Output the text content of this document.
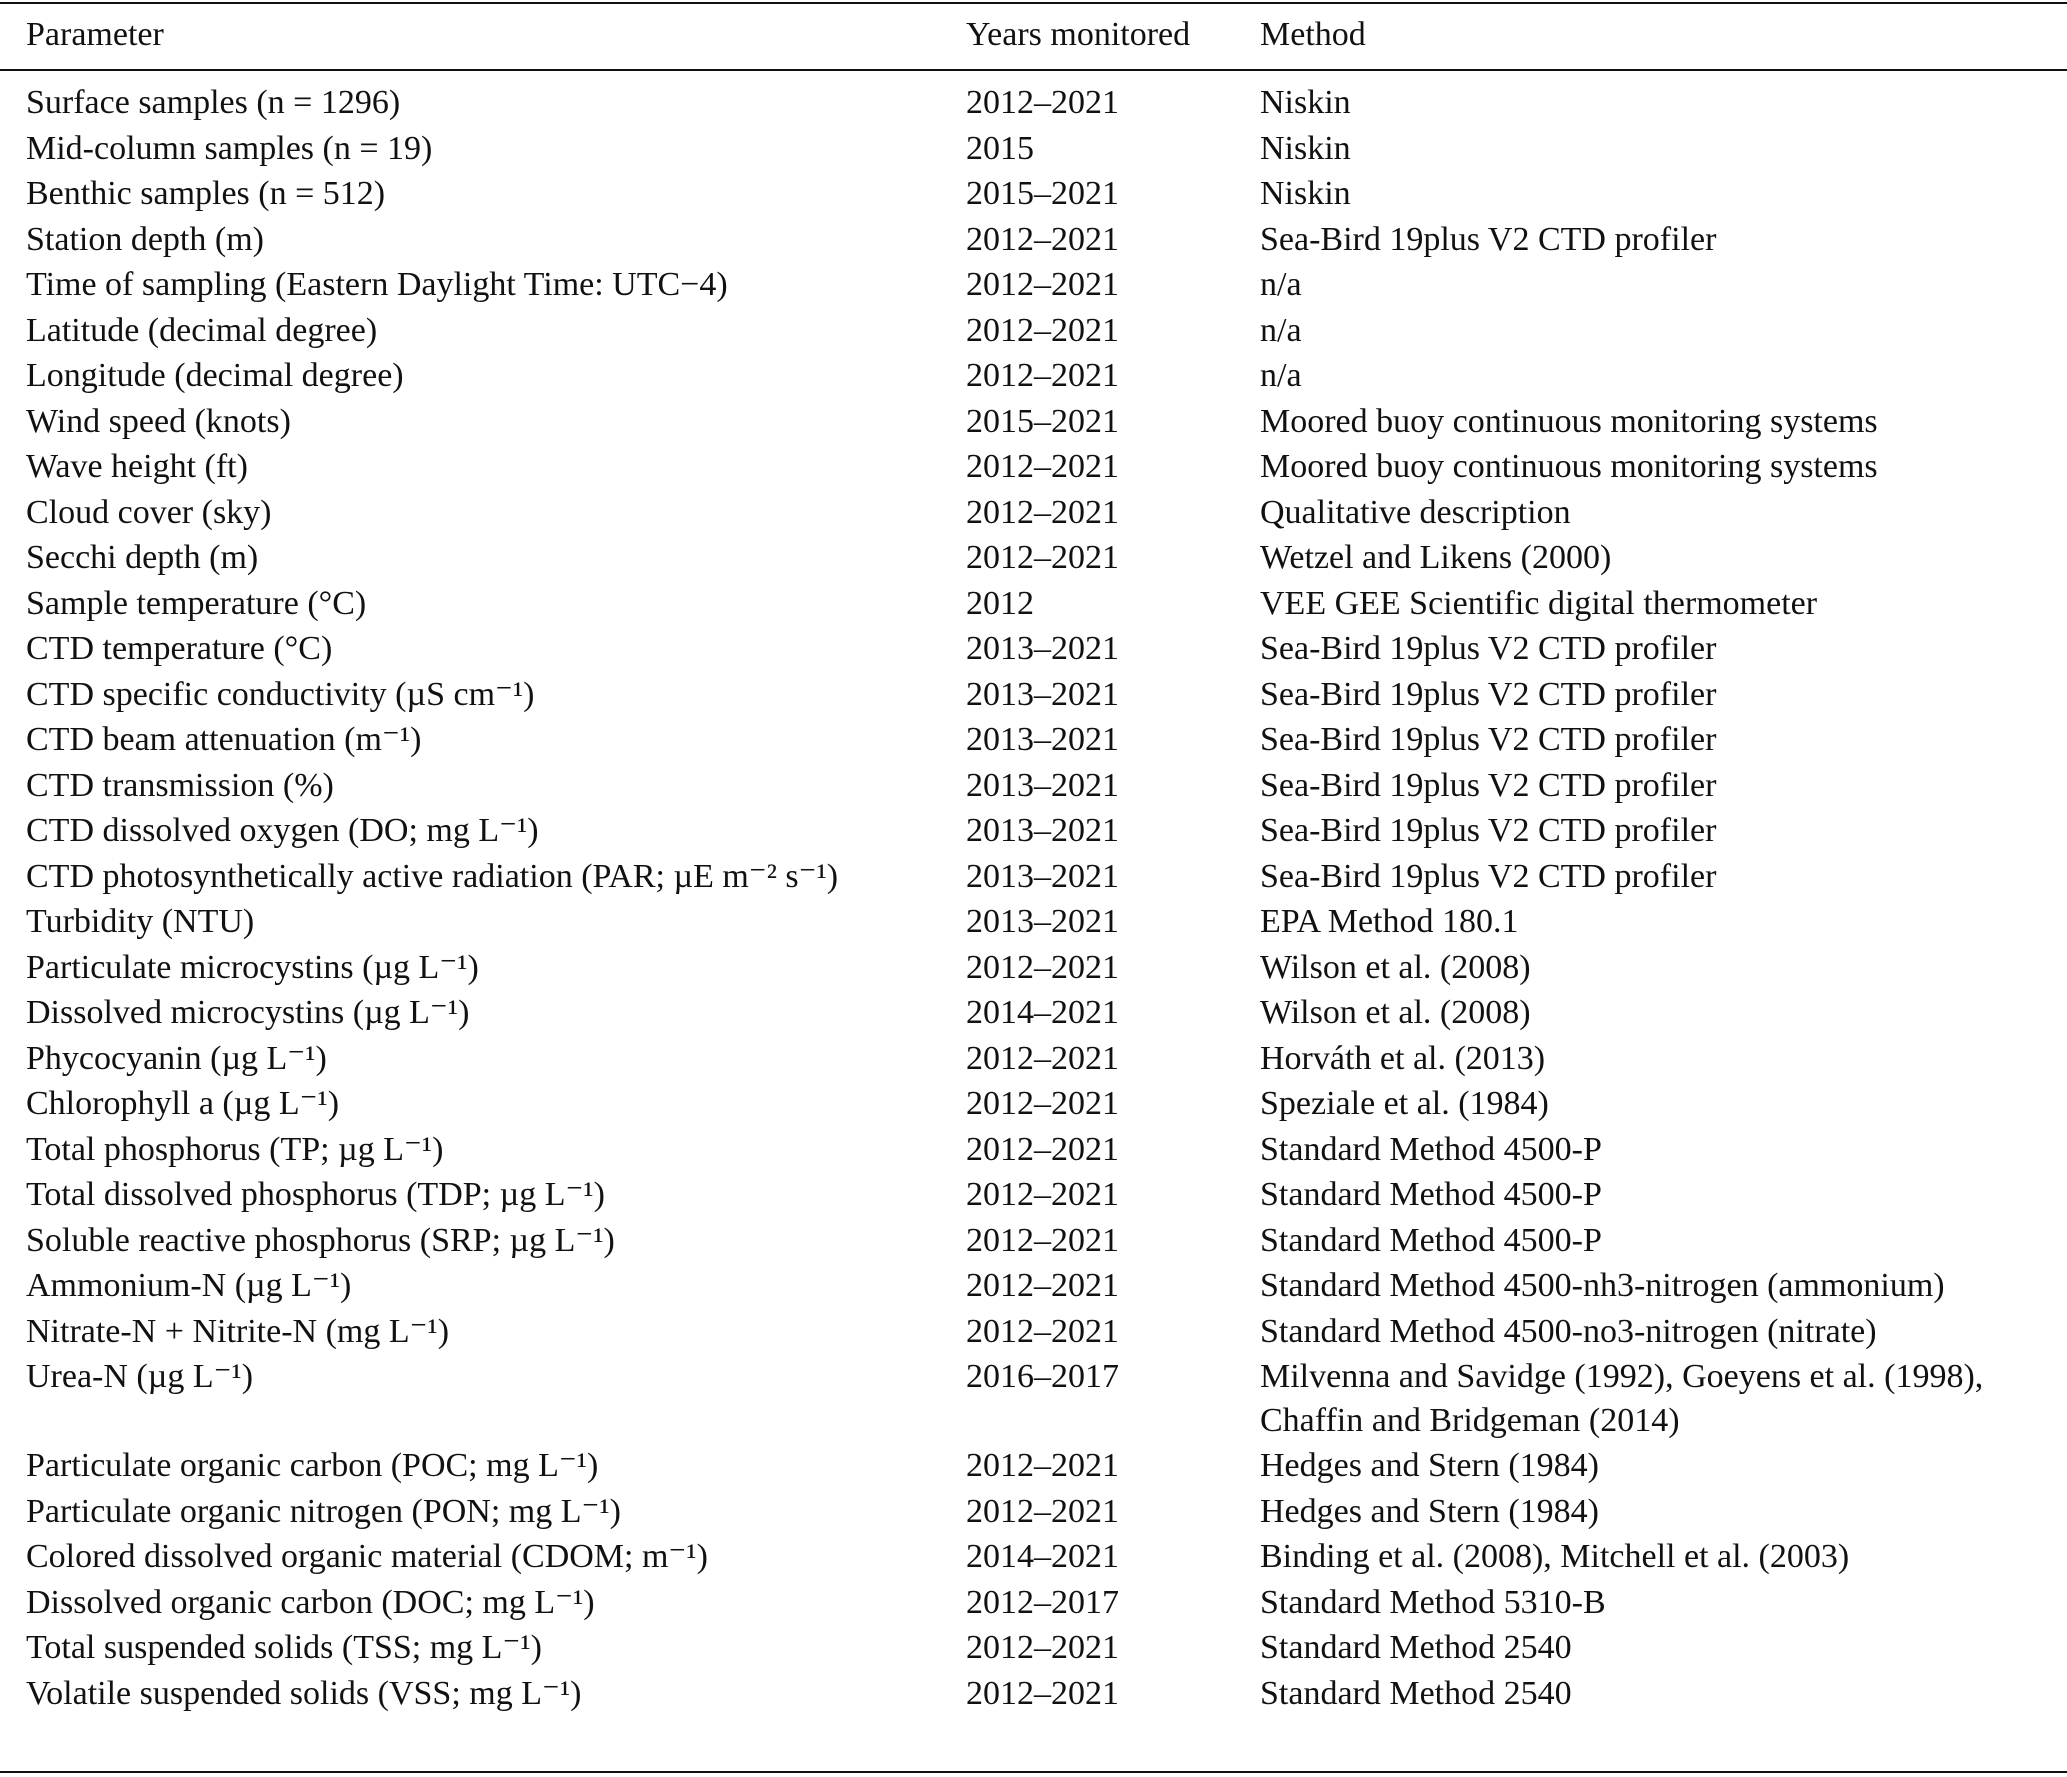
Parameter	Years monitored	Method

Surface samples (n = 1296)	2012–2021	Niskin

Mid-column samples (n = 19)	2015	Niskin

Benthic samples (n = 512)	2015–2021	Niskin

Station depth (m)	2012–2021	Sea-Bird 19plus V2 CTD profiler

Time of sampling (Eastern Daylight Time: UTC−4)	2012–2021	n/a

Latitude (decimal degree)	2012–2021	n/a

Longitude (decimal degree)	2012–2021	n/a

Wind speed (knots)	2015–2021	Moored buoy continuous monitoring systems

Wave height (ft)	2012–2021	Moored buoy continuous monitoring systems

Cloud cover (sky)	2012–2021	Qualitative description

Secchi depth (m)	2012–2021	Wetzel and Likens (2000)

Sample temperature (°C)	2012	VEE GEE Scientific digital thermometer

CTD temperature (°C)	2013–2021	Sea-Bird 19plus V2 CTD profiler

CTD specific conductivity (µS cm⁻¹)	2013–2021	Sea-Bird 19plus V2 CTD profiler

CTD beam attenuation (m⁻¹)	2013–2021	Sea-Bird 19plus V2 CTD profiler

CTD transmission (%)	2013–2021	Sea-Bird 19plus V2 CTD profiler

CTD dissolved oxygen (DO; mg L⁻¹)	2013–2021	Sea-Bird 19plus V2 CTD profiler

CTD photosynthetically active radiation (PAR; µE m⁻² s⁻¹)	2013–2021	Sea-Bird 19plus V2 CTD profiler

Turbidity (NTU)	2013–2021	EPA Method 180.1

Particulate microcystins (µg L⁻¹)	2012–2021	Wilson et al. (2008)

Dissolved microcystins (µg L⁻¹)	2014–2021	Wilson et al. (2008)

Phycocyanin (µg L⁻¹)	2012–2021	Horváth et al. (2013)

Chlorophyll a (µg L⁻¹)	2012–2021	Speziale et al. (1984)

Total phosphorus (TP; µg L⁻¹)	2012–2021	Standard Method 4500-P

Total dissolved phosphorus (TDP; µg L⁻¹)	2012–2021	Standard Method 4500-P

Soluble reactive phosphorus (SRP; µg L⁻¹)	2012–2021	Standard Method 4500-P

Ammonium-N (µg L⁻¹)	2012–2021	Standard Method 4500-nh3-nitrogen (ammonium)

Nitrate-N + Nitrite-N (mg L⁻¹)	2012–2021	Standard Method 4500-no3-nitrogen (nitrate)

Urea-N (µg L⁻¹)	2016–2017	Milvenna and Savidge (1992), Goeyens et al. (1998),
Chaffin and Bridgeman (2014)

Particulate organic carbon (POC; mg L⁻¹)	2012–2021	Hedges and Stern (1984)

Particulate organic nitrogen (PON; mg L⁻¹)	2012–2021	Hedges and Stern (1984)

Colored dissolved organic material (CDOM; m⁻¹)	2014–2021	Binding et al. (2008), Mitchell et al. (2003)

Dissolved organic carbon (DOC; mg L⁻¹)	2012–2017	Standard Method 5310-B

Total suspended solids (TSS; mg L⁻¹)	2012–2021	Standard Method 2540

Volatile suspended solids (VSS; mg L⁻¹)	2012–2021	Standard Method 2540
